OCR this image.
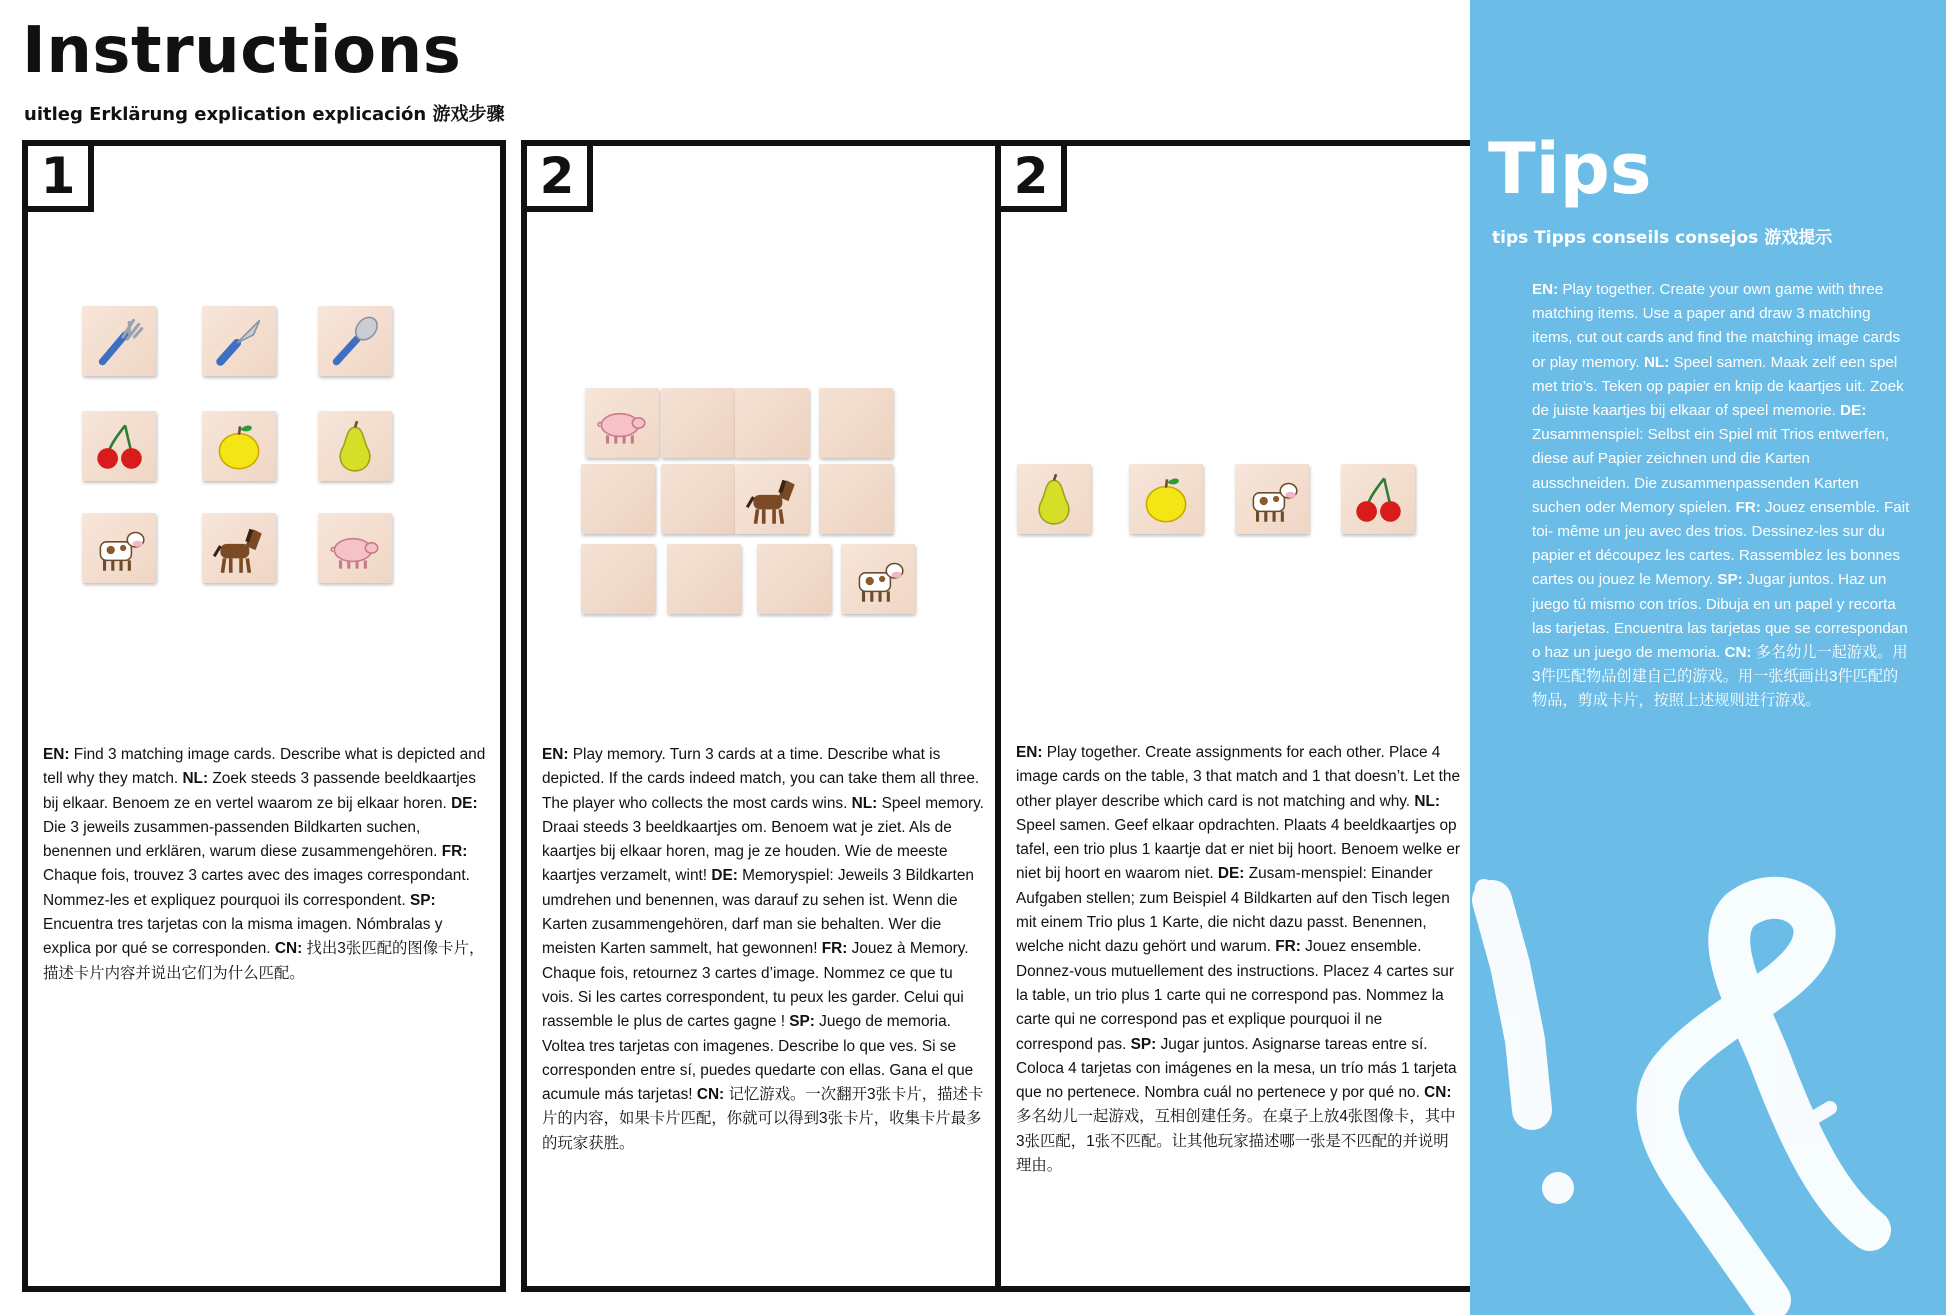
Instructions
uitleg Erklärung explication explicación 游戏步骤
1
EN: Find 3 matching image cards. Describe what is depicted and tell why they match. NL: Zoek steeds 3 passende beeldkaartjes bij elkaar. Benoem ze en vertel waarom ze bij elkaar horen. DE: Die 3 jeweils zusammen-passenden Bildkarten suchen, benennen und erklären, warum diese zusammengehören. FR: Chaque fois, trouvez 3 cartes avec des images correspondant. Nommez-les et expliquez pourquoi ils correspondent. SP: Encuentra tres tarjetas con la misma imagen. Nómbralas y explica por qué se corresponden. CN: 找出3张匹配的图像卡片，描述卡片内容并说出它们为什么匹配。
2
EN: Play memory. Turn 3 cards at a time. Describe what is depicted. If the cards indeed match, you can take them all three. The player who collects the most cards wins. NL: Speel memory. Draai steeds 3 beeldkaartjes om. Benoem wat je ziet. Als de kaartjes bij elkaar horen, mag je ze houden. Wie de meeste kaartjes verzamelt, wint! DE: Memoryspiel: Jeweils 3 Bildkarten umdrehen und benennen, was darauf zu sehen ist. Wenn die Karten zusammengehören, darf man sie behalten. Wer die meisten Karten sammelt, hat gewonnen! FR: Jouez à Memory. Chaque fois, retournez 3 cartes d’image. Nommez ce que tu vois. Si les cartes correspondent, tu peux les garder. Celui qui rassemble le plus de cartes gagne ! SP: Juego de memoria. Voltea tres tarjetas con imagenes. Describe lo que ves. Si se corresponden entre sí, puedes quedarte con ellas. Gana el que acumule más tarjetas! CN: 记忆游戏。一次翻开3张卡片，描述卡片的内容，如果卡片匹配，你就可以得到3张卡片，收集卡片最多的玩家获胜。
2
EN: Play together. Create assignments for each other. Place 4 image cards on the table, 3 that match and 1 that doesn’t. Let the other player describe which card is not matching and why. NL: Speel samen. Geef elkaar opdrachten. Plaats 4 beeldkaartjes op tafel, een trio plus 1 kaartje dat er niet bij hoort. Benoem welke er niet bij hoort en waarom niet. DE: Zusam-menspiel: Einander Aufgaben stellen; zum Beispiel 4 Bildkarten auf den Tisch legen mit einem Trio plus 1 Karte, die nicht dazu passt. Benennen, welche nicht dazu gehört und warum. FR: Jouez ensemble. Donnez-vous mutuellement des instructions. Placez 4 cartes sur la table, un trio plus 1 carte qui ne correspond pas. Nommez la carte qui ne correspond pas et explique pourquoi il ne correspond pas. SP: Jugar juntos. Asignarse tareas entre sí. Coloca 4 tarjetas con imágenes en la mesa, un trío más 1 tarjeta que no pertenece. Nombra cuál no pertenece y por qué no. CN: 多名幼儿一起游戏，互相创建任务。在桌子上放4张图像卡，其中3张匹配，1张不匹配。让其他玩家描述哪一张是不匹配的并说明理由。
Tips
tips Tipps conseils consejos 游戏提示
EN: Play together. Create your own game with three matching items. Use a paper and draw 3 matching items, cut out cards and find the matching image cards or play memory. NL: Speel samen. Maak zelf een spel met trio’s. Teken op papier en knip de kaartjes uit. Zoek de juiste kaartjes bij elkaar of speel memorie. DE: Zusammenspiel: Selbst ein Spiel mit Trios entwerfen, diese auf Papier zeichnen und die Karten ausschneiden. Die zusammenpassenden Karten suchen oder Memory spielen. FR: Jouez ensemble. Fait toi- même un jeu avec des trios. Dessinez-les sur du papier et découpez les cartes. Rassemblez les bonnes cartes ou jouez le Memory. SP: Jugar juntos. Haz un juego tú mismo con tríos. Dibuja en un papel y recorta las tarjetas. Encuentra las tarjetas que se correspondan o haz un juego de memoria. CN: 多名幼儿一起游戏。用3件匹配物品创建自己的游戏。用一张纸画出3件匹配的物品，剪成卡片，按照上述规则进行游戏。
